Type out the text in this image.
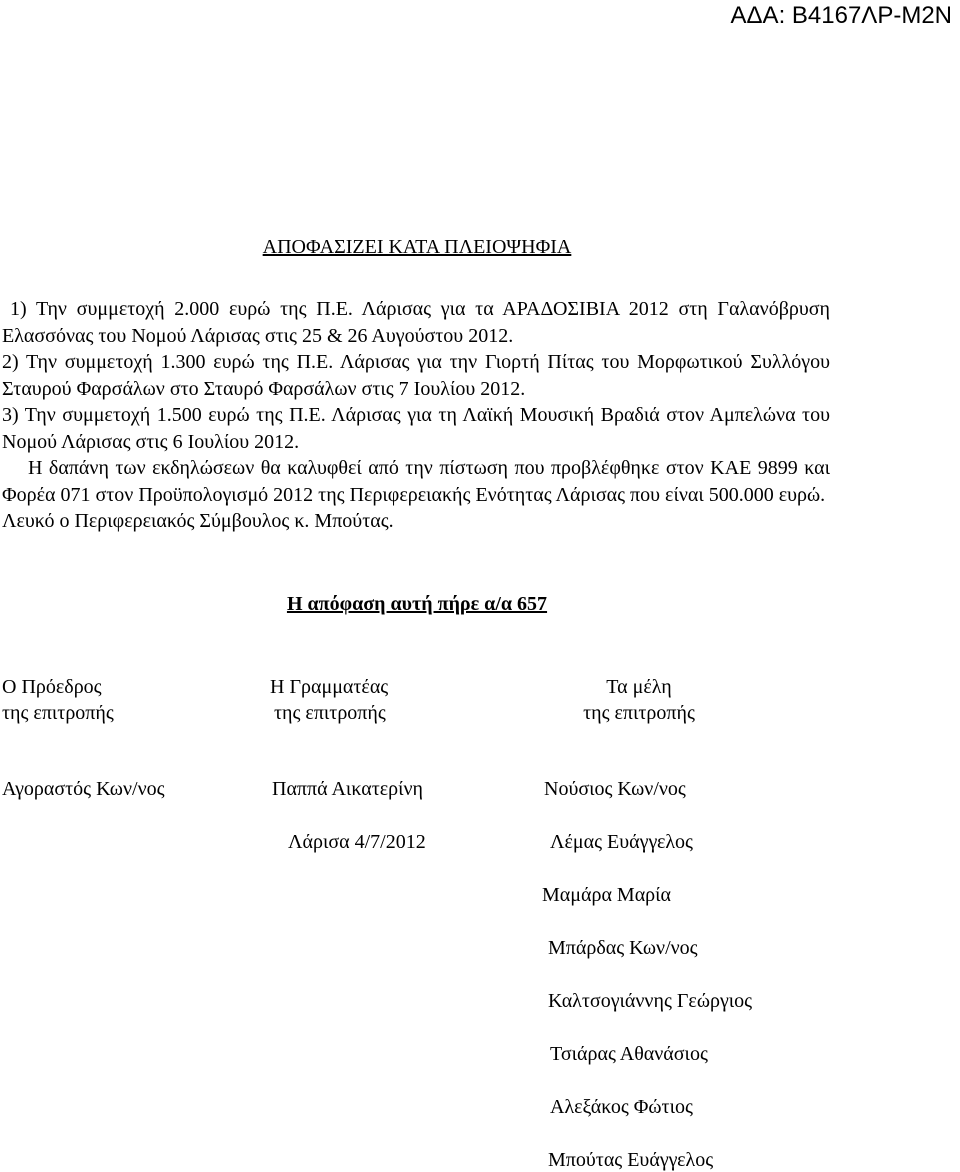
ΑΔΑ: Β4167ΛΡ-Μ2Ν
ΑΠΟΦΑΣΙΖΕΙ ΚΑΤΑ ΠΛΕΙΟΨΗΦΙΑ

1) Την συμμετοχή 2.000 ευρώ της Π.Ε. Λάρισας για τα ΑΡΑΔΟΣΙΒΙΑ 2012 στη Γαλανόβρυση Ελασσόνας του Νομού Λάρισας στις 25 & 26 Αυγούστου 2012.

2) Την συμμετοχή 1.300 ευρώ της Π.Ε. Λάρισας για την Γιορτή Πίτας του Μορφωτικού Συλλόγου Σταυρού Φαρσάλων στο Σταυρό Φαρσάλων στις 7 Ιουλίου 2012.

3) Την συμμετοχή 1.500 ευρώ της Π.Ε. Λάρισας για τη Λαϊκή Μουσική Βραδιά στον Αμπελώνα του Νομού Λάρισας στις 6 Ιουλίου 2012.

Η δαπάνη των εκδηλώσεων θα καλυφθεί από την πίστωση που προβλέφθηκε στον ΚΑΕ 9899 και Φορέα 071 στον Προϋπολογισμό 2012 της Περιφερειακής Ενότητας Λάρισας που είναι 500.000 ευρώ.

Λευκό ο Περιφερειακός Σύμβουλος κ. Μπούτας.

Η απόφαση αυτή πήρε α/α 657
Ο Πρόεδρος
της επιτροπής
Η Γραμματέας
της επιτροπής
Τα μέλη
της επιτροπής
Αγοραστός Κων/νος	Παππά Αικατερίνη
Λάρισα 4/7/2012
Νούσιος Κων/νος
Λέμας Ευάγγελος
Μαμάρα Μαρία
Μπάρδας Κων/νος
Καλτσογιάννης Γεώργιος
Τσιάρας Αθανάσιος
Αλεξάκος Φώτιος
Μπούτας Ευάγγελος
